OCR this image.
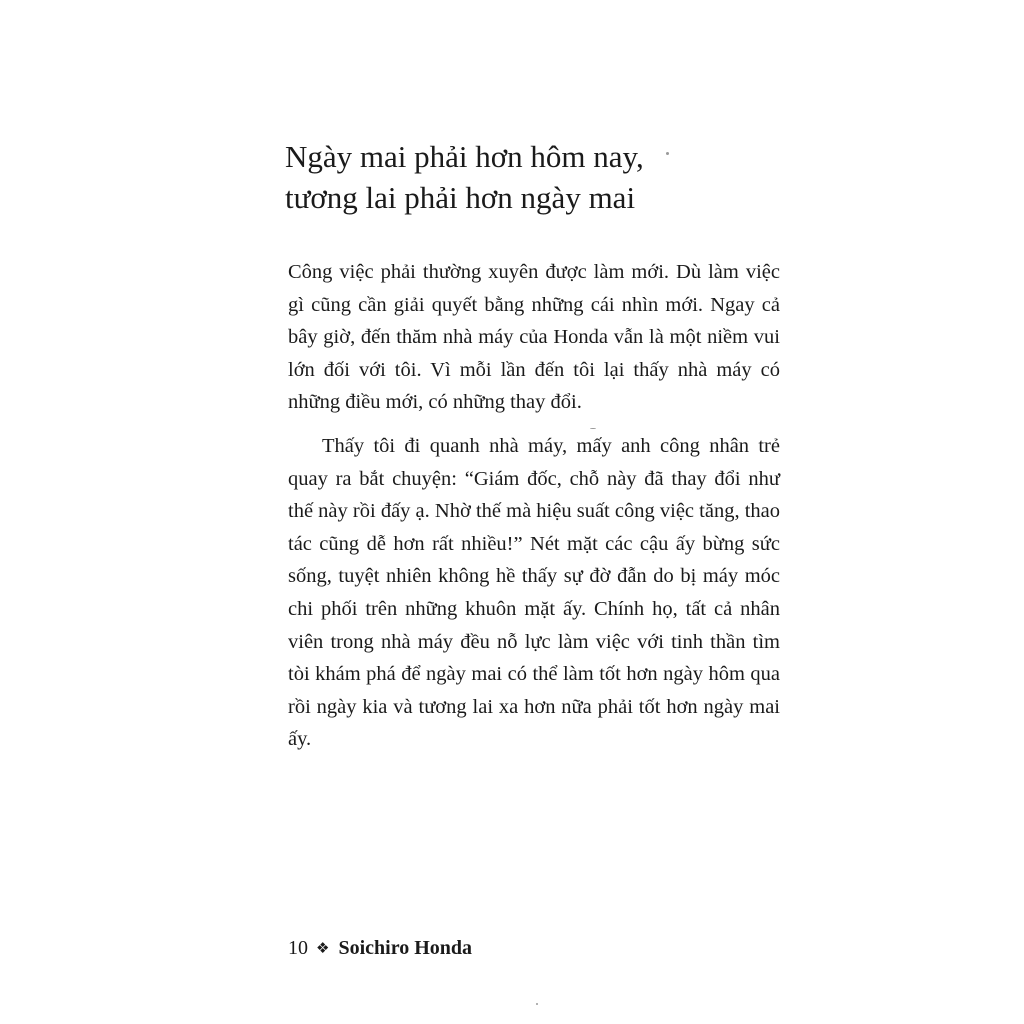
Ngày mai phải hơn hôm nay,
tương lai phải hơn ngày mai

Công việc phải thường xuyên được làm mới. Dù làm việc gì cũng cần giải quyết bằng những cái nhìn mới. Ngay cả bây giờ, đến thăm nhà máy của Honda vẫn là một niềm vui lớn đối với tôi. Vì mỗi lần đến tôi lại thấy nhà máy có những điều mới, có những thay đổi.

Thấy tôi đi quanh nhà máy, mấy anh công nhân trẻ quay ra bắt chuyện: “Giám đốc, chỗ này đã thay đổi như thế này rồi đấy ạ. Nhờ thế mà hiệu suất công việc tăng, thao tác cũng dễ hơn rất nhiều!” Nét mặt các cậu ấy bừng sức sống, tuyệt nhiên không hề thấy sự đờ đẫn do bị máy móc chi phối trên những khuôn mặt ấy. Chính họ, tất cả nhân viên trong nhà máy đều nỗ lực làm việc với tinh thần tìm tòi khám phá để ngày mai có thể làm tốt hơn ngày hôm qua rồi ngày kia và tương lai xa hơn nữa phải tốt hơn ngày mai ấy.

10 ❖ Soichiro Honda
